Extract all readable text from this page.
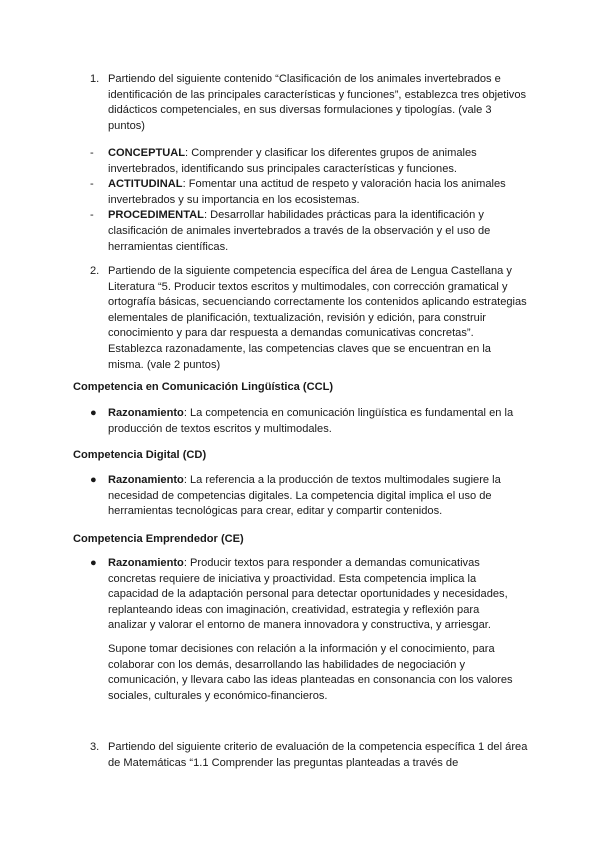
1. Partiendo del siguiente contenido “Clasificación de los animales invertebrados e identificación de las principales características y funciones”, establezca tres objetivos didácticos competenciales, en sus diversas formulaciones y tipologías. (vale 3 puntos)
- CONCEPTUAL: Comprender y clasificar los diferentes grupos de animales invertebrados, identificando sus principales características y funciones.
- ACTITUDINAL: Fomentar una actitud de respeto y valoración hacia los animales invertebrados y su importancia en los ecosistemas.
- PROCEDIMENTAL: Desarrollar habilidades prácticas para la identificación y clasificación de animales invertebrados a través de la observación y el uso de herramientas científicas.
2. Partiendo de la siguiente competencia específica del área de Lengua Castellana y Literatura “5. Producir textos escritos y multimodales, con corrección gramatical y ortografía básicas, secuenciando correctamente los contenidos aplicando estrategias elementales de planificación, textualización, revisión y edición, para construir conocimiento y para dar respuesta a demandas comunicativas concretas”. Establezca razonadamente, las competencias claves que se encuentran en la misma. (vale 2 puntos)
Competencia en Comunicación Lingüística (CCL)
● Razonamiento: La competencia en comunicación lingüística es fundamental en la producción de textos escritos y multimodales.
Competencia Digital (CD)
● Razonamiento: La referencia a la producción de textos multimodales sugiere la necesidad de competencias digitales. La competencia digital implica el uso de herramientas tecnológicas para crear, editar y compartir contenidos.
Competencia Emprendedor (CE)
● Razonamiento: Producir textos para responder a demandas comunicativas concretas requiere de iniciativa y proactividad. Esta competencia implica la capacidad de la adaptación personal para detectar oportunidades y necesidades, replanteando ideas con imaginación, creatividad, estrategia y reflexión para analizar y valorar el entorno de manera innovadora y constructiva, y arriesgar.
Supone tomar decisiones con relación a la información y el conocimiento, para colaborar con los demás, desarrollando las habilidades de negociación y comunicación, y llevara cabo las ideas planteadas en consonancia con los valores sociales, culturales y económico-financieros.
3. Partiendo del siguiente criterio de evaluación de la competencia específica 1 del área de Matemáticas “1.1 Comprender las preguntas planteadas a través de
